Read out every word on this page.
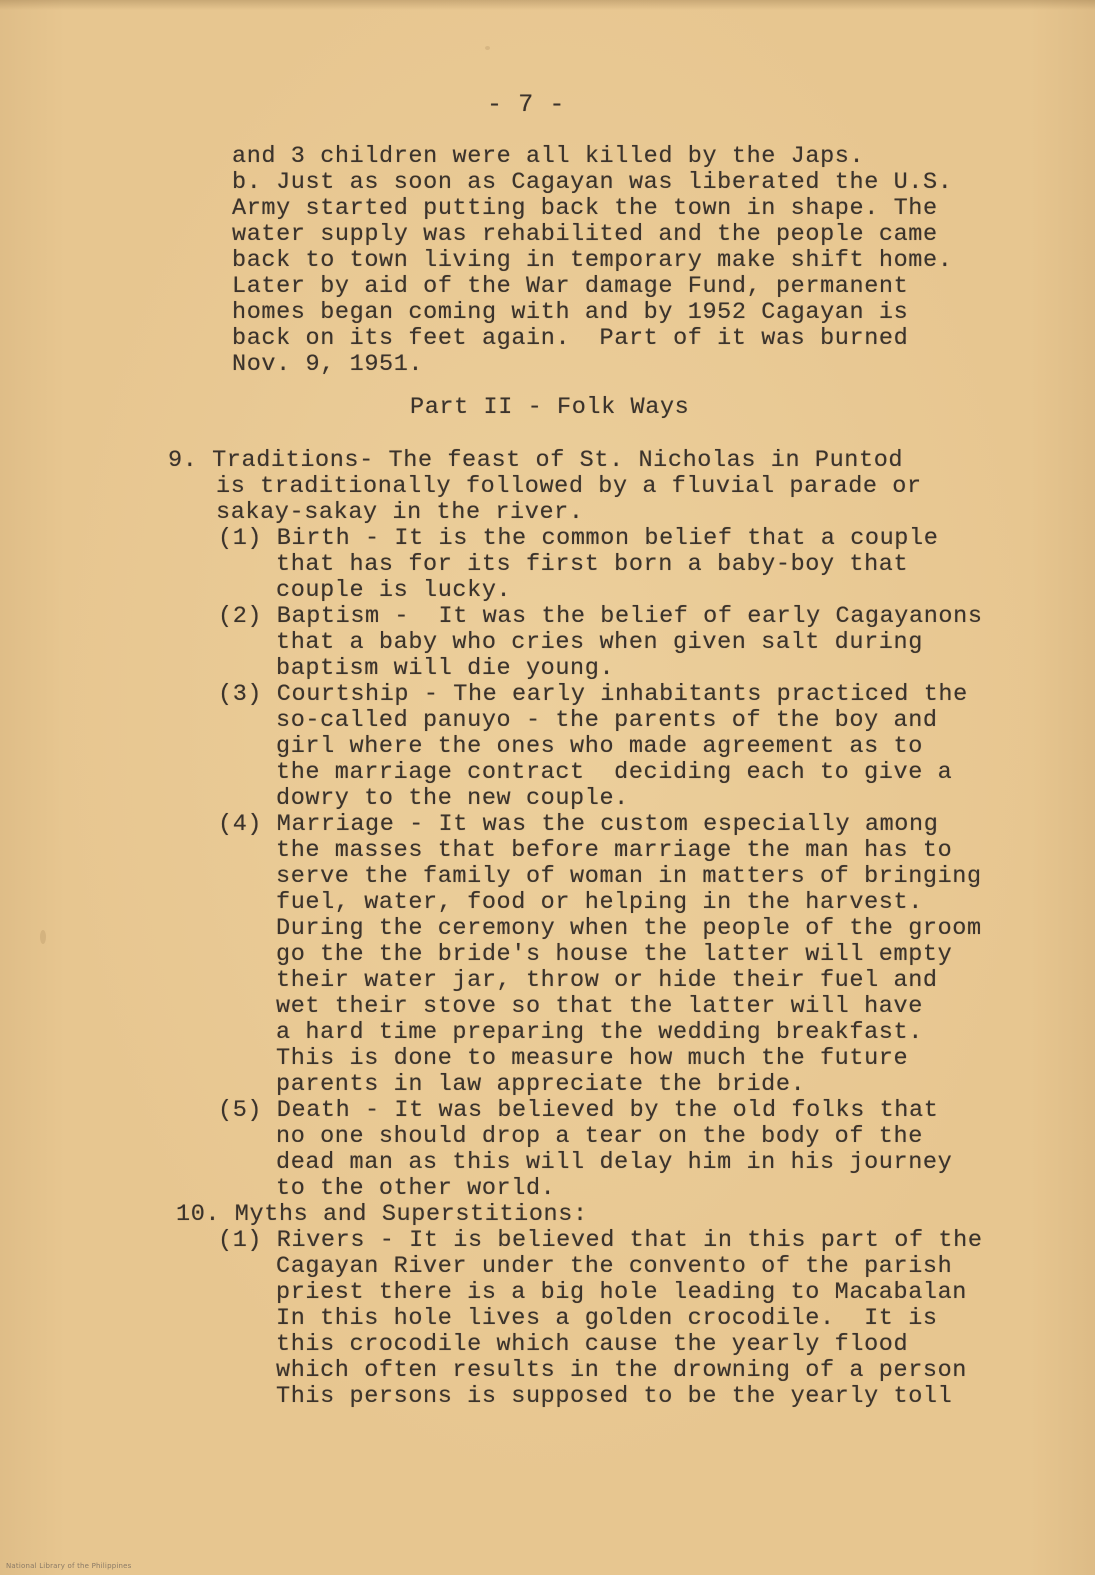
- 7 -
and 3 children were all killed by the Japs.
b. Just as soon as Cagayan was liberated the U.S.
Army started putting back the town in shape. The
water supply was rehabilited and the people came
back to town living in temporary make shift home.
Later by aid of the War damage Fund, permanent
homes began coming with and by 1952 Cagayan is
back on its feet again.  Part of it was burned
Nov. 9, 1951.
Part II - Folk Ways
9. Traditions- The feast of St. Nicholas in Puntod
is traditionally followed by a fluvial parade or
sakay-sakay in the river.
(1) Birth - It is the common belief that a couple
that has for its first born a baby-boy that
couple is lucky.
(2) Baptism -  It was the belief of early Cagayanons
that a baby who cries when given salt during
baptism will die young.
(3) Courtship - The early inhabitants practiced the
so-called panuyo - the parents of the boy and
girl where the ones who made agreement as to
the marriage contract  deciding each to give a
dowry to the new couple.
(4) Marriage - It was the custom especially among
the masses that before marriage the man has to
serve the family of woman in matters of bringing
fuel, water, food or helping in the harvest.
During the ceremony when the people of the groom
go the the bride's house the latter will empty
their water jar, throw or hide their fuel and
wet their stove so that the latter will have
a hard time preparing the wedding breakfast.
This is done to measure how much the future
parents in law appreciate the bride.
(5) Death - It was believed by the old folks that
no one should drop a tear on the body of the
dead man as this will delay him in his journey
to the other world.
10. Myths and Superstitions:
(1) Rivers - It is believed that in this part of the
Cagayan River under the convento of the parish
priest there is a big hole leading to Macabalan
In this hole lives a golden crocodile.  It is
this crocodile which cause the yearly flood
which often results in the drowning of a person
This persons is supposed to be the yearly toll
National Library of the Philippines
